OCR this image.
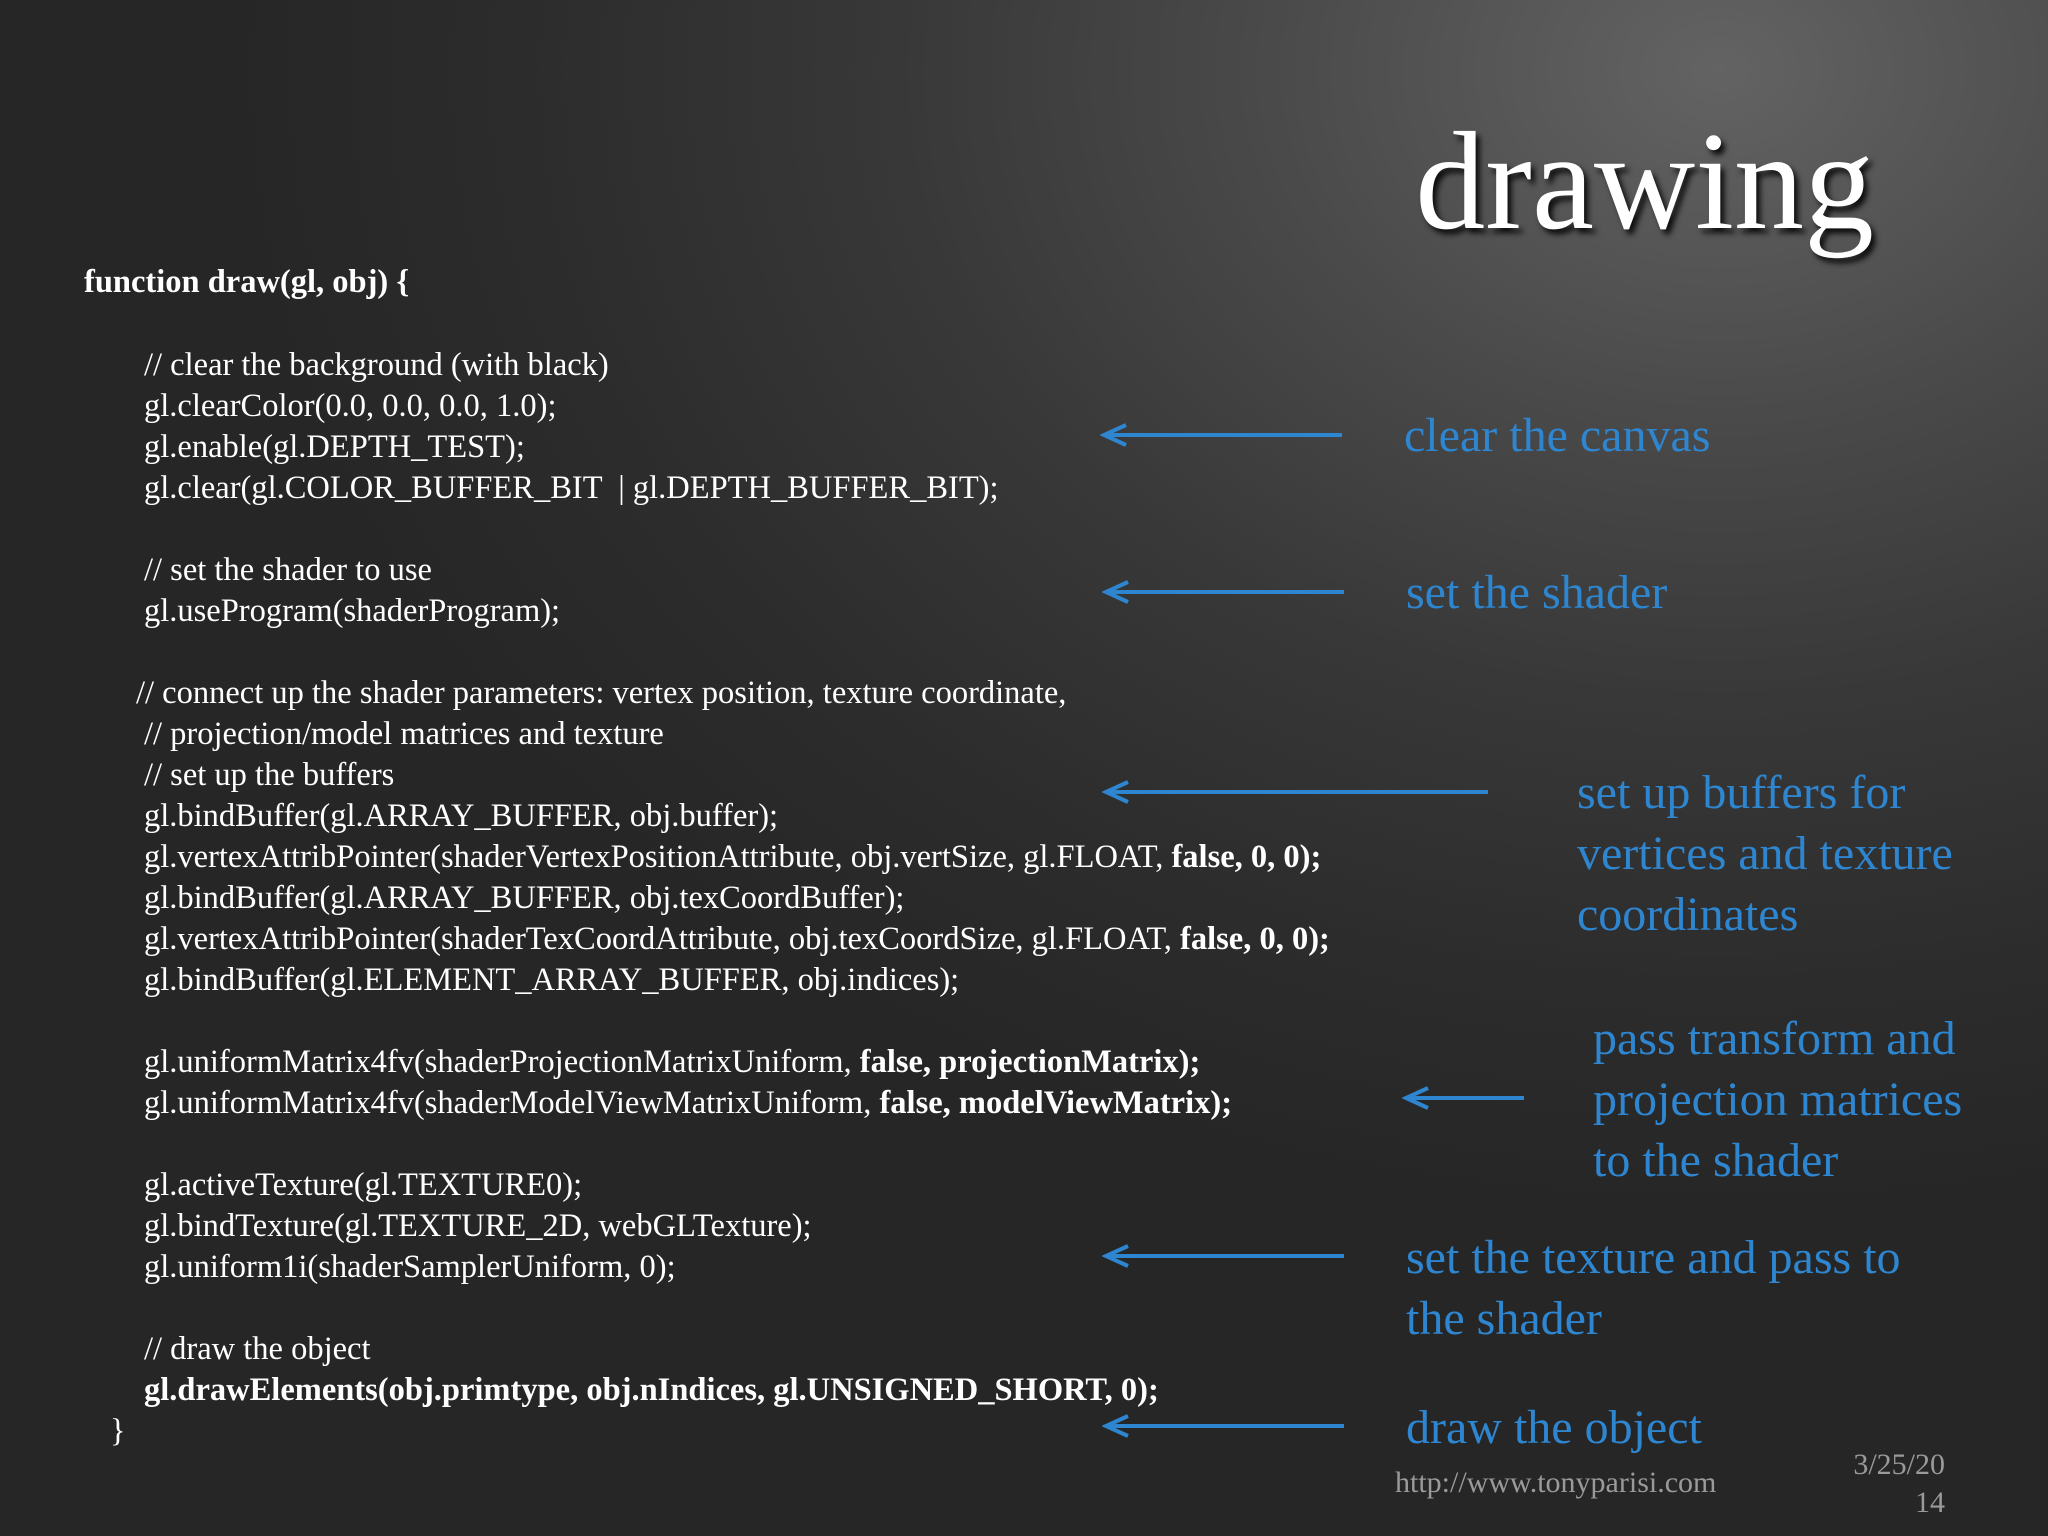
drawing
function draw(gl, obj) {
// clear the background (with black)
gl.clearColor(0.0, 0.0, 0.0, 1.0);
gl.enable(gl.DEPTH_TEST);
gl.clear(gl.COLOR_BUFFER_BIT  | gl.DEPTH_BUFFER_BIT);
// set the shader to use
gl.useProgram(shaderProgram);
// connect up the shader parameters: vertex position, texture coordinate,
// projection/model matrices and texture
// set up the buffers
gl.bindBuffer(gl.ARRAY_BUFFER, obj.buffer);
gl.vertexAttribPointer(shaderVertexPositionAttribute, obj.vertSize, gl.FLOAT, false, 0, 0);
gl.bindBuffer(gl.ARRAY_BUFFER, obj.texCoordBuffer);
gl.vertexAttribPointer(shaderTexCoordAttribute, obj.texCoordSize, gl.FLOAT, false, 0, 0);
gl.bindBuffer(gl.ELEMENT_ARRAY_BUFFER, obj.indices);
gl.uniformMatrix4fv(shaderProjectionMatrixUniform, false, projectionMatrix);
gl.uniformMatrix4fv(shaderModelViewMatrixUniform, false, modelViewMatrix);
gl.activeTexture(gl.TEXTURE0);
gl.bindTexture(gl.TEXTURE_2D, webGLTexture);
gl.uniform1i(shaderSamplerUniform, 0);
// draw the object
gl.drawElements(obj.primtype, obj.nIndices, gl.UNSIGNED_SHORT, 0);
}
clear the canvas
set the shader
set up buffers for
vertices and texture
coordinates
pass transform and
projection matrices
to the shader
set the texture and pass to
the shader
draw the object
http://www.tonyparisi.com
3/25/20
14
